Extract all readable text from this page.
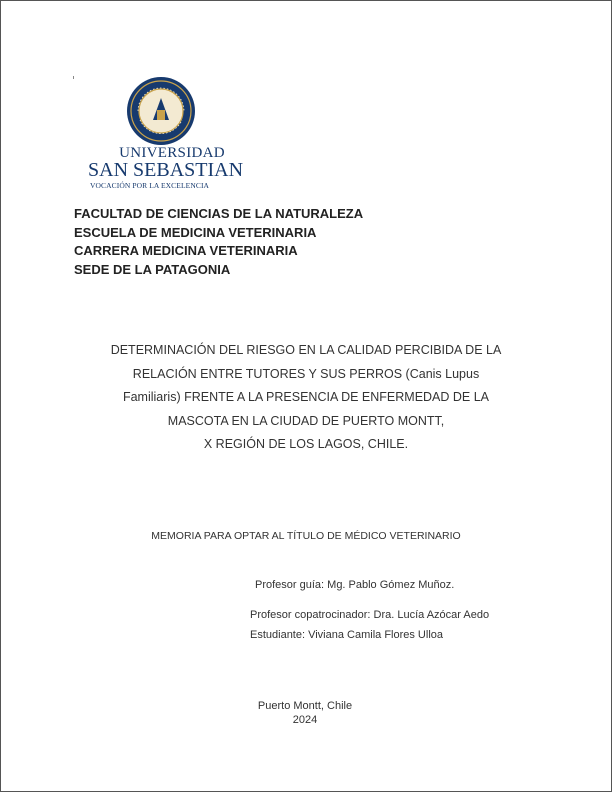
UNIVERSIDAD
SAN SEBASTIAN
VOCACIÓN POR LA EXCELENCIA
FACULTAD DE CIENCIAS DE LA NATURALEZA
ESCUELA DE MEDICINA VETERINARIA
CARRERA MEDICINA VETERINARIA
SEDE DE LA PATAGONIA
DETERMINACIÓN DEL RIESGO EN LA CALIDAD PERCIBIDA DE LA
RELACIÓN ENTRE TUTORES Y SUS PERROS (Canis Lupus
Familiaris) FRENTE A LA PRESENCIA DE ENFERMEDAD DE LA
MASCOTA EN LA CIUDAD DE PUERTO MONTT,
X REGIÓN DE LOS LAGOS, CHILE.
MEMORIA PARA OPTAR AL TÍTULO DE MÉDICO VETERINARIO
Profesor guía: Mg. Pablo Gómez Muñoz.
Profesor copatrocinador: Dra. Lucía Azócar Aedo
Estudiante: Viviana Camila Flores Ulloa
Puerto Montt, Chile
2024
